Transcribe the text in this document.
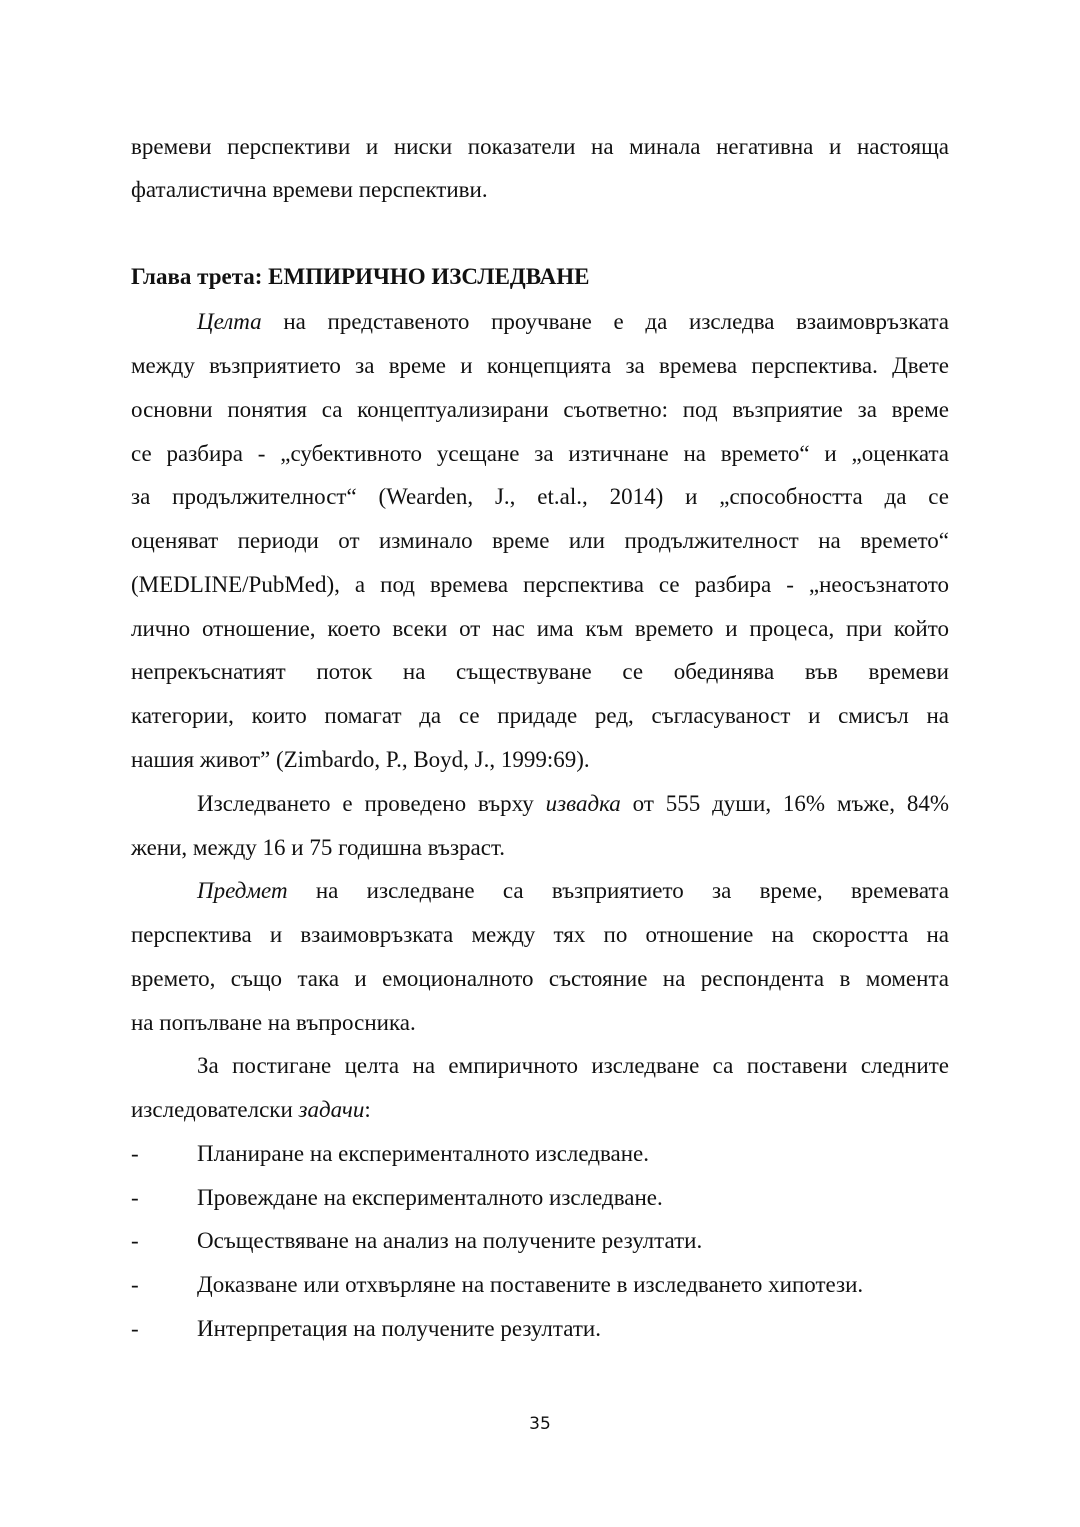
времеви перспективи и ниски показатели на минала негативна и настояща
фаталистична времеви перспективи.
Глава трета: ЕМПИРИЧНО ИЗСЛЕДВАНЕ
Целта на представеното проучване е да изследва взаимовръзката
между възприятието за време и концепцията за времева перспектива. Двете
основни понятия са концептуализирани съответно: под възприятие за време
се разбира - „субективното усещане за изтичнане на времето“ и „оценката
за продължителност“ (Wearden, J., et.al., 2014) и „способността да се
оценяват периоди от изминало време или продължителност на времето“
(MEDLINE/PubMed), а под времева перспектива се разбира - „неосъзнатото
лично отношение, което всеки от нас има към времето и процеса, при който
непрекъснатият поток на съществуване се обединява във времеви
категории, които помагат да се придаде ред, съгласуваност и смисъл на
нашия живот” (Zimbardo, P., Boyd, J., 1999:69).
Изследването е проведено върху извадка от 555 души, 16% мъже, 84%
жени, между 16 и 75 годишна възраст.
Предмет на изследване са възприятието за време, времевата
перспектива и взаимовръзката между тях по отношение на скоростта на
времето, също така и емоционалното състояние на респондента в момента
на попълване на въпросника.
За постигане целта на емпиричното изследване са поставени следните
изследователски задачи:
-	Планиране на експерименталното изследване.
-	Провеждане на експерименталното изследване.
-	Осъществяване на анализ на получените резултати.
-	Доказване или отхвърляне на поставените в изследването хипотези.
-	Интерпретация на получените резултати.
35
